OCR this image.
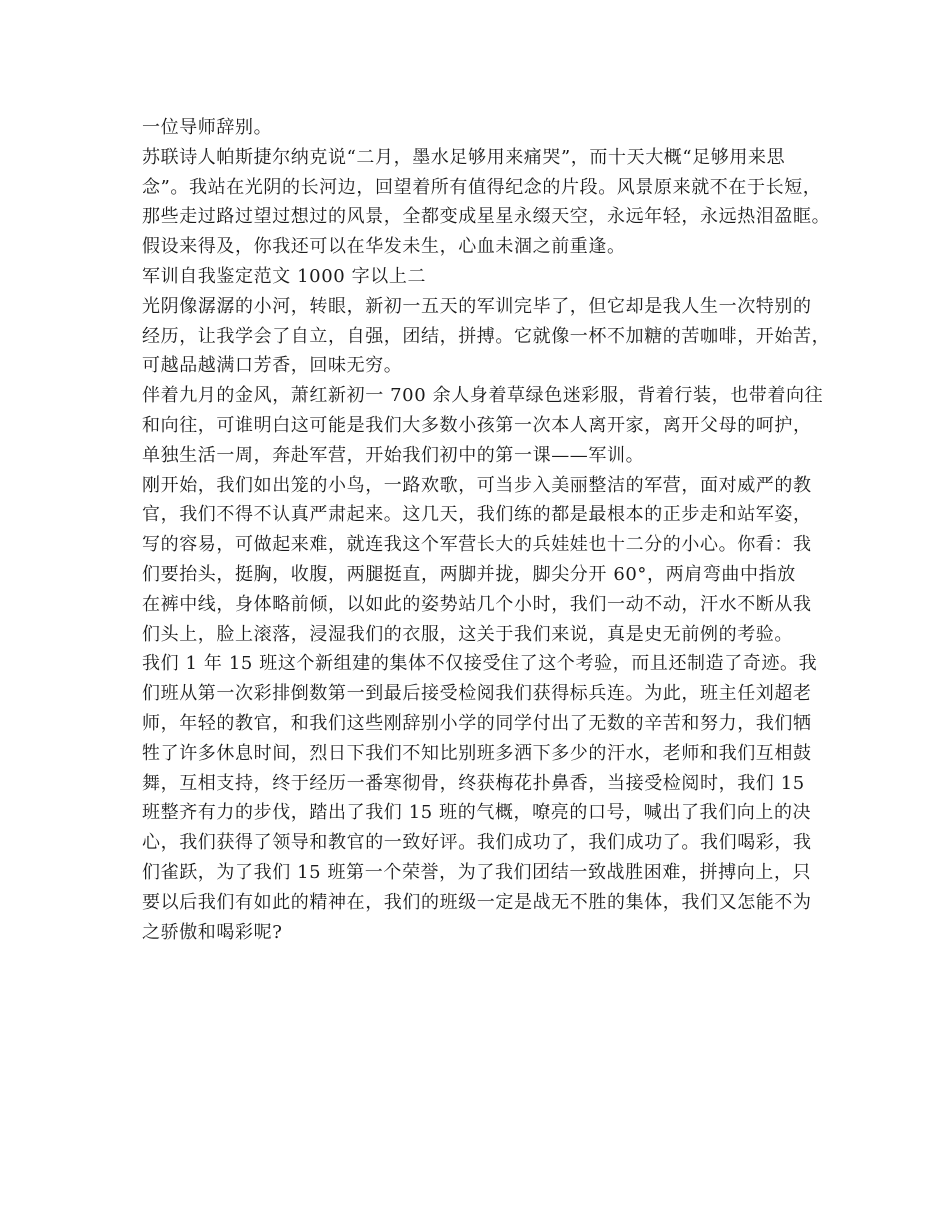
一位导师辞别。
苏联诗人帕斯捷尔纳克说“二月，墨水足够用来痛哭”，而十天大概“足够用来思
念”。我站在光阴的长河边，回望着所有值得纪念的片段。风景原来就不在于长短，
那些走过路过望过想过的风景，全都变成星星永缀天空，永远年轻，永远热泪盈眶。
假设来得及，你我还可以在华发未生，心血未涸之前重逢。
军训自我鉴定范文 1000 字以上二
光阴像潺潺的小河，转眼，新初一五天的军训完毕了，但它却是我人生一次特别的
经历，让我学会了自立，自强，团结，拼搏。它就像一杯不加糖的苦咖啡，开始苦，
可越品越满口芳香，回味无穷。
伴着九月的金风，萧红新初一 700 余人身着草绿色迷彩服，背着行装，也带着向往
和向往，可谁明白这可能是我们大多数小孩第一次本人离开家，离开父母的呵护，
单独生活一周，奔赴军营，开始我们初中的第一课——军训。
刚开始，我们如出笼的小鸟，一路欢歌，可当步入美丽整洁的军营，面对威严的教
官，我们不得不认真严肃起来。这几天，我们练的都是最根本的正步走和站军姿，
写的容易，可做起来难，就连我这个军营长大的兵娃娃也十二分的小心。你看：我
们要抬头，挺胸，收腹，两腿挺直，两脚并拢，脚尖分开 60°，两肩弯曲中指放
在裤中线，身体略前倾，以如此的姿势站几个小时，我们一动不动，汗水不断从我
们头上，脸上滚落，浸湿我们的衣服，这关于我们来说，真是史无前例的考验。
我们 1 年 15 班这个新组建的集体不仅接受住了这个考验，而且还制造了奇迹。我
们班从第一次彩排倒数第一到最后接受检阅我们获得标兵连。为此，班主任刘超老
师，年轻的教官，和我们这些刚辞别小学的同学付出了无数的辛苦和努力，我们牺
牲了许多休息时间，烈日下我们不知比别班多洒下多少的汗水，老师和我们互相鼓
舞，互相支持，终于经历一番寒彻骨，终获梅花扑鼻香，当接受检阅时，我们 15
班整齐有力的步伐，踏出了我们 15 班的气概，嘹亮的口号，喊出了我们向上的决
心，我们获得了领导和教官的一致好评。我们成功了，我们成功了。我们喝彩，我
们雀跃，为了我们 15 班第一个荣誉，为了我们团结一致战胜困难，拼搏向上，只
要以后我们有如此的精神在，我们的班级一定是战无不胜的集体，我们又怎能不为
之骄傲和喝彩呢?
